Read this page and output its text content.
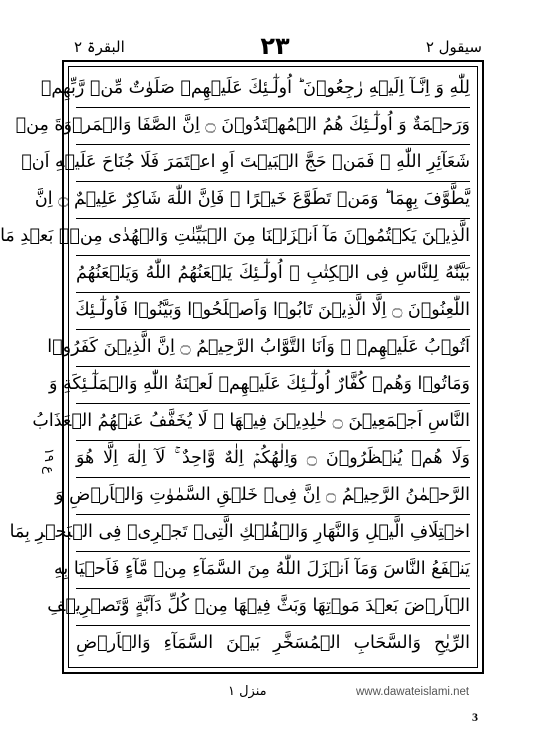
البقرۃ ٢	٢٣	سیقول ٢
لِلّٰهِ وَ اِنَّـآ اِلَيۡهِ رٰجِعُوۡنَ ؕ اُولٰٓـئِكَ عَلَيۡهِمۡ صَلَوٰتٌ مِّنۡ رَّبِّهِمۡ
وَرَحۡمَةٌ وَ اُولٰٓـئِكَ هُمُ الۡمُهۡتَدُوۡنَ ۝ اِنَّ الصَّفَا وَالۡمَرۡوَةَ مِنۡ
شَعَآئِرِ اللّٰهِ ۚ فَمَنۡ حَجَّ الۡبَيۡتَ اَوِ اعۡتَمَرَ فَلَا جُنَاحَ عَلَيۡهِ اَنۡ
يَّطَّوَّفَ بِهِمَا ؕ وَمَنۡ تَطَوَّعَ خَيۡرًا ۙ فَاِنَّ اللّٰهَ شَاكِرٌ عَلِيۡمٌ ۝ اِنَّ
الَّذِيۡنَ يَكۡتُمُوۡنَ مَآ اَنۡزَلۡنَا مِنَ الۡبَيِّنٰتِ وَالۡهُدٰى مِنۡۢ بَعۡدِ مَا
بَيَّنّٰهُ لِلنَّاسِ فِى الۡكِتٰبِ ۙ اُولٰٓـئِكَ يَلۡعَنُهُمُ اللّٰهُ وَيَلۡعَنُهُمُ
اللّٰعِنُوۡنَ ۝ اِلَّا الَّذِيۡنَ تَابُوۡا وَاَصۡلَحُوۡا وَبَيَّنُوۡا فَاُولٰٓـئِكَ
اَتُوۡبُ عَلَيۡهِمۡ ۚ وَاَنَا التَّوَّابُ الرَّحِيۡمُ ۝ اِنَّ الَّذِيۡنَ كَفَرُوۡا
وَمَاتُوۡا وَهُمۡ كُفَّارٌ اُولٰٓـئِكَ عَلَيۡهِمۡ لَعۡنَةُ اللّٰهِ وَالۡمَلٰٓـئِكَةِ وَ
النَّاسِ اَجۡمَعِيۡنَ ۝ خٰلِدِيۡنَ فِيۡهَا ۚ لَا يُخَفَّفُ عَنۡهُمُ الۡعَذَابُ
وَلَا هُمۡ يُنۡظَرُوۡنَ ۝ وَاِلٰهُكُمۡ اِلٰهٌ وَّاحِدٌ ۚ لَآ اِلٰهَ اِلَّا هُوَ
الرَّحۡمٰنُ الرَّحِيۡمُ ۝ اِنَّ فِىۡ خَلۡقِ السَّمٰوٰتِ وَالۡاَرۡضِ وَ
اخۡتِلَافِ الَّيۡلِ وَالنَّهَارِ وَالۡفُلۡكِ الَّتِىۡ تَجۡرِىۡ فِى الۡبَحۡرِ بِمَا
يَنۡفَعُ النَّاسَ وَمَآ اَنۡزَلَ اللّٰهُ مِنَ السَّمَآءِ مِنۡ مَّآءٍ فَاَحۡيَا بِهِ
الۡاَرۡضَ بَعۡدَ مَوۡتِهَا وَبَثَّ فِيۡهَا مِنۡ كُلِّ دَآبَّةٍ وَّتَصۡرِيۡفِ
الرِّيٰحِ وَالسَّحَابِ الۡمُسَخَّرِ بَيۡنَ السَّمَآءِ وَالۡاَرۡضِ
ع ١٩
منزل ١	www.dawateislami.net
3
